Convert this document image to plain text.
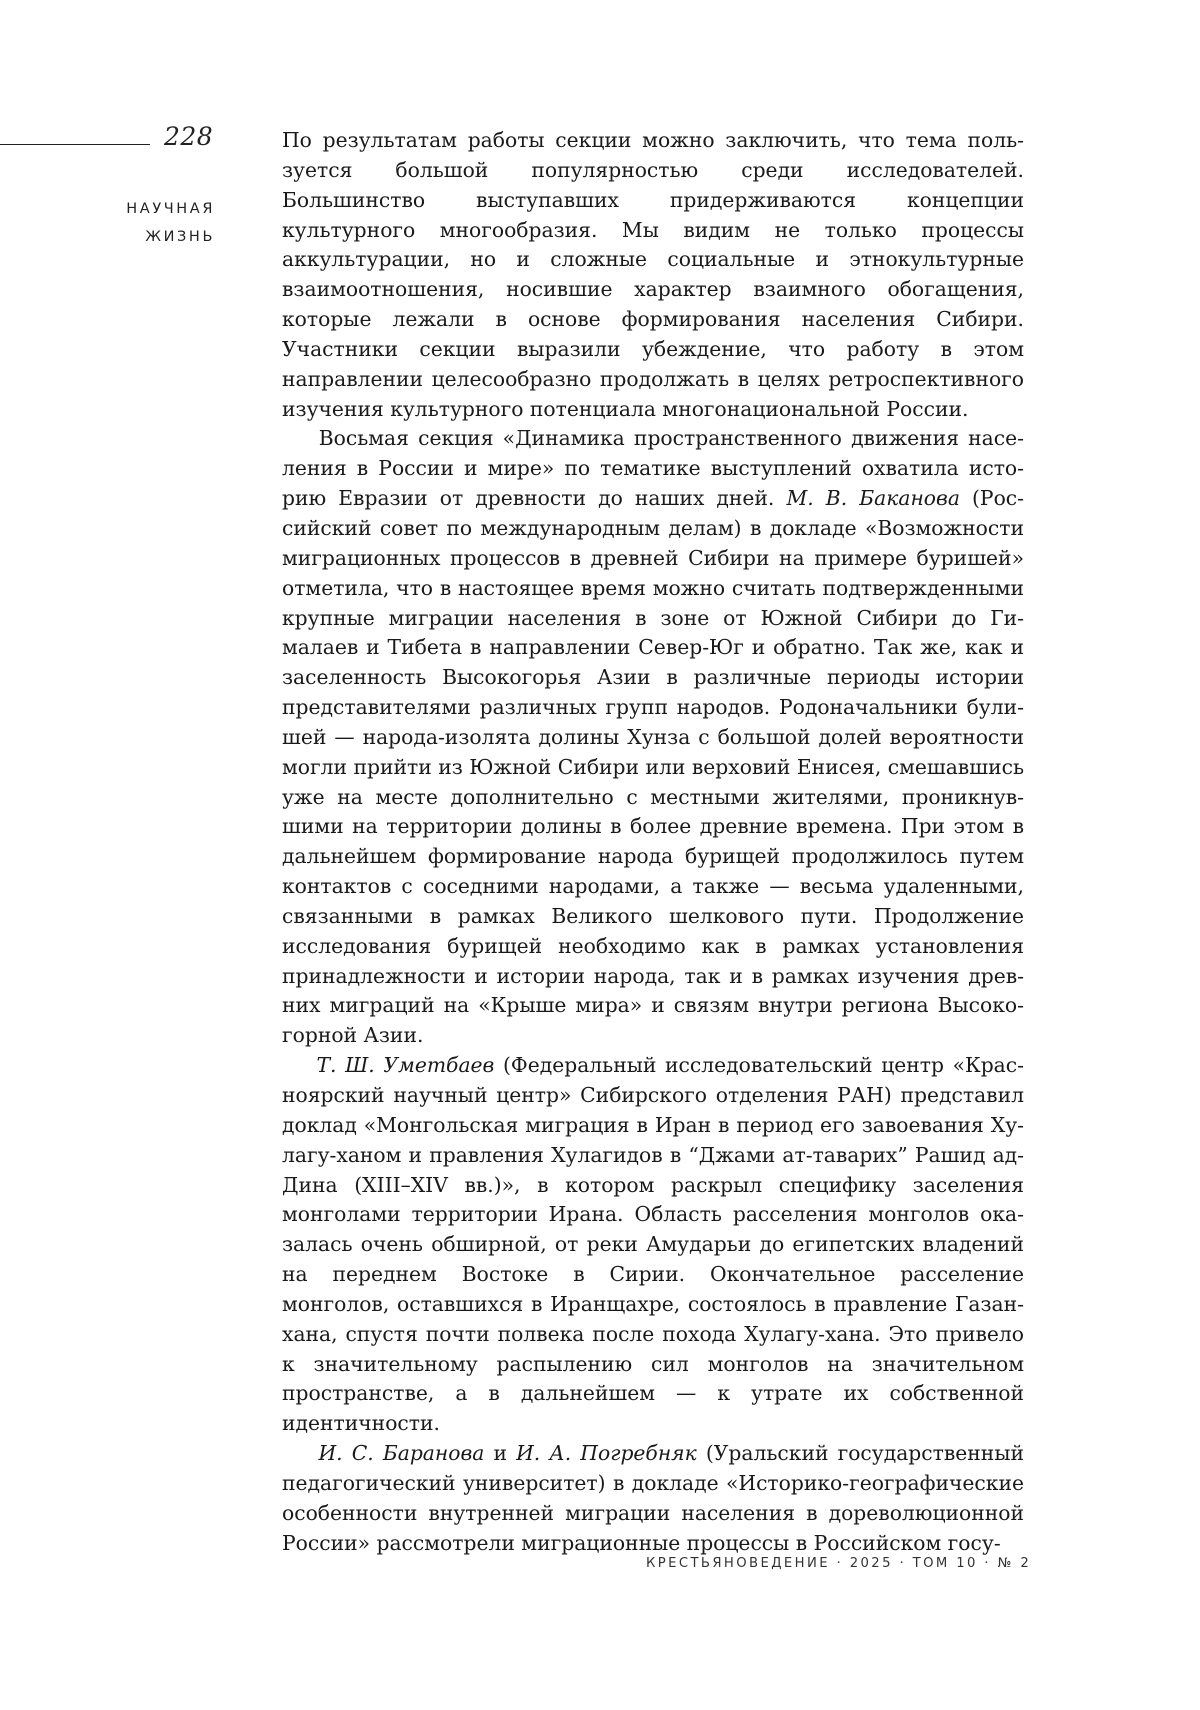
228
НАУЧНАЯ
ЖИЗНЬ

По результатам работы секции можно заключить, что тема поль­зуется большой популярностью среди исследователей. Большинство выступавших придерживаются концепции культурного многообра­зия. Мы видим не только процессы аккультурации, но и сложные социальные и этнокультурные взаимоотношения, носившие харак­тер взаимного обогащения, которые лежали в основе формирова­ния населения Сибири. Участники секции выразили убеждение, что работу в этом направлении целесообразно продолжать в целях ретроспективного изучения культурного потенциала многонацио­нальной России.

Восьмая секция «Динамика пространственного движения насе­ления в России и мире» по тематике выступлений охватила исто­рию Евразии от древности до наших дней. М. В. Баканова (Рос­сийский совет по международным делам) в докладе «Возможности миграционных процессов в древней Сибири на примере буришей» отметила, что в настоящее время можно считать подтвержденны­ми крупные миграции населения в зоне от Южной Сибири до Ги­малаев и Тибета в направлении Север-Юг и обратно. Так же, как и заселенность Высокогорья Азии в различные периоды истории представителями различных групп народов. Родоначальники були­шей — народа-изолята долины Хунза с большой долей вероятности могли прийти из Южной Сибири или верховий Енисея, смешавшись уже на месте дополнительно с местными жителями, проникнув­шими на территории долины в более древние времена. При этом в дальнейшем формирование народа бурищей продолжилось пу­тем контактов с соседними народами, а также — весьма удален­ными, связанными в рамках Великого шелкового пути. Продолже­ние исследования бурищей необходимо как в рамках установления принадлежности и истории народа, так и в рамках изучения древ­них миграций на «Крыше мира» и связям внутри региона Высоко­горной Азии.

Т. Ш. Уметбаев (Федеральный исследовательский центр «Крас­ноярский научный центр» Сибирского отделения РАН) представил доклад «Монгольская миграция в Иран в период его завоевания Ху­лагу-ханом и правления Хулагидов в “Джами ат-таварих” Рашид ад-Дина (XIII–XIV вв.)», в котором раскрыл специфику заселения монголами территории Ирана. Область расселения монголов ока­залась очень обширной, от реки Амударьи до египетских владений на переднем Востоке в Сирии. Окончательное расселение монголов, оставшихся в Иранщахре, состоялось в правление Газан-хана, спу­стя почти полвека после похода Хулагу-хана. Это привело к значи­тельному распылению сил монголов на значительном пространстве, а в дальнейшем — к утрате их собственной идентичности.

И. С. Баранова и И. А. Погребняк (Уральский государственный педагогический университет) в докладе «Историко-географические особенности внутренней миграции населения в дореволюционной России» рассмотрели миграционные процессы в Российском госу-

КРЕСТЬЯНОВЕДЕНИЕ · 2025 · ТОМ 10 · № 2
